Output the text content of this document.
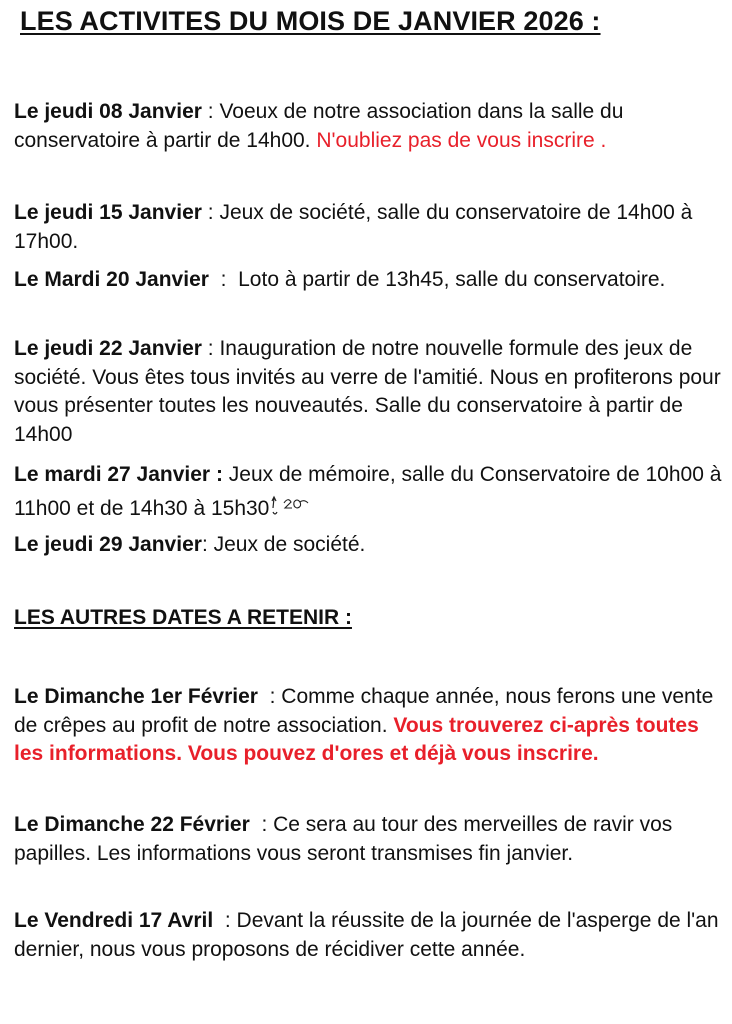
LES ACTIVITES DU MOIS DE JANVIER 2026 :

Le jeudi 08 Janvier : Voeux de notre association dans la salle du conservatoire à partir de 14h00. N'oubliez pas de vous inscrire .

Le jeudi 15 Janvier : Jeux de société, salle du conservatoire de 14h00 à 17h00.

Le Mardi 20 Janvier  :  Loto à partir de 13h45, salle du conservatoire.

Le jeudi 22 Janvier : Inauguration de notre nouvelle formule des jeux de société. Vous êtes tous invités au verre de l'amitié. Nous en profiterons pour vous présenter toutes les nouveautés. Salle du conservatoire à partir de 14h00

Le mardi 27 Janvier : Jeux de mémoire, salle du Conservatoire de 10h00 à 11h00 et de 14h30 à 15h30

Le jeudi 29 Janvier: Jeux de société.

LES AUTRES DATES A RETENIR :

Le Dimanche 1er Février  : Comme chaque année, nous ferons une vente de crêpes au profit de notre association. Vous trouverez ci-après toutes les informations. Vous pouvez d'ores et déjà vous inscrire.

Le Dimanche 22 Février  : Ce sera au tour des merveilles de ravir vos papilles. Les informations vous seront transmises fin janvier.

Le Vendredi 17 Avril  : Devant la réussite de la journée de l'asperge de l'an dernier, nous vous proposons de récidiver cette année.
